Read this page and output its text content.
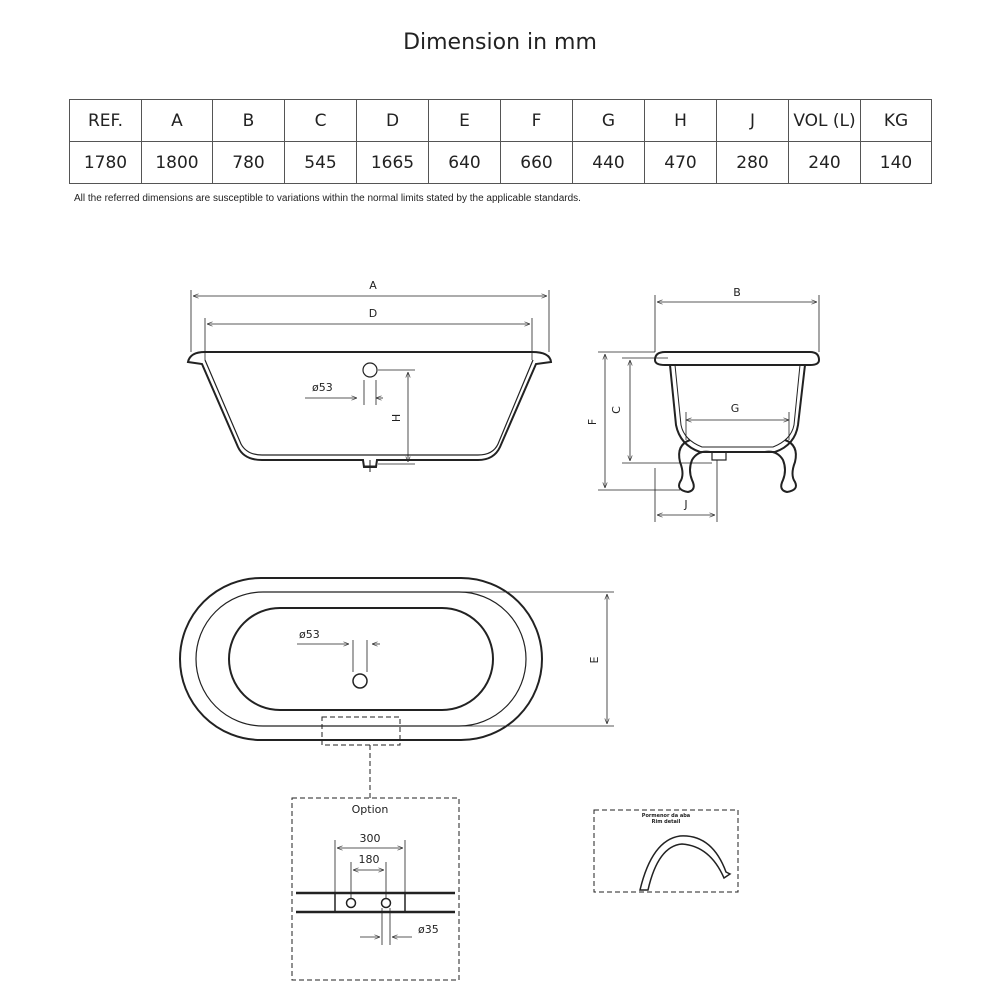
Dimension in mm
REF.	A	B	C	D	E	F	G	H	J	VOL (L)	KG
1780	1800	780	545	1665	640	660	440	470	280	240	140
All the referred dimensions are susceptible to variations within the normal limits stated by the applicable standards.
A
D
ø53
H
B
G
C
F
J
ø53
E
Option
300
180
ø35
Pormenor da aba
Rim detail
